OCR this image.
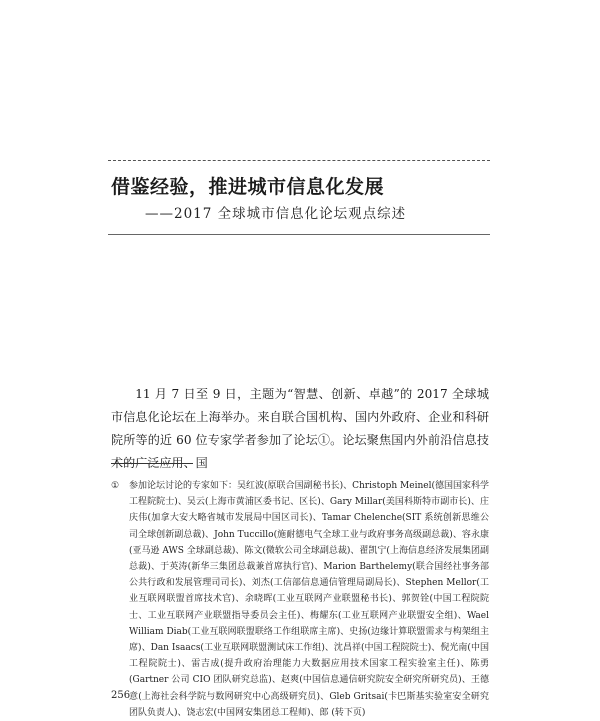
借鉴经验，推进城市信息化发展
——2017 全球城市信息化论坛观点综述

11 月 7 日至 9 日，主题为“智慧、创新、卓越”的 2017 全球城市信息化论坛在上海举办。来自联合国机构、国内外政府、企业和科研院所等的近 60 位专家学者参加了论坛①。论坛聚焦国内外前沿信息技术的广泛应用、国

①	参加论坛讨论的专家如下：吴红波(原联合国副秘书长)、Christoph Meinel(德国国家科学工程院院士)、吴云(上海市黄浦区委书记、区长)、Gary Millar(美国科斯特市副市长)、庄庆伟(加拿大安大略省城市发展局中国区司长)、Tamar Chelenche(SIT 系统创新思维公司全球创新副总裁)、John Tuccillo(施耐德电气全球工业与政府事务高级副总裁)、容永康(亚马逊 AWS 全球副总裁)、陈文(微软公司全球副总裁)、翟凯宁(上海信息经济发展集团副总裁)、于英涛(新华三集团总裁兼首席执行官)、Marion Barthelemy(联合国经社事务部公共行政和发展管理司司长)、刘杰(工信部信息通信管理局副局长)、Stephen Mellor(工业互联网联盟首席技术官)、余晓晖(工业互联网产业联盟秘书长)、郭贺铨(中国工程院院士、工业互联网产业联盟指导委员会主任)、梅耀东(工业互联网产业联盟安全组)、Wael William Diab(工业互联网联盟联络工作组联席主席)、史扬(边缘计算联盟需求与构架组主席)、Dan Isaacs(工业互联网联盟测试床工作组)、沈昌祥(中国工程院院士)、倪光南(中国工程院院士)、雷吉成(提升政府治理能力大数据应用技术国家工程实验室主任)、陈勇(Gartner 公司 CIO 团队研究总监)、赵爽(中国信息通信研究院安全研究所研究员)、王德意(上海社会科学院与数网研究中心高级研究员)、Gleb Gritsai(卡巴斯基实验室安全研究团队负责人)、饶志宏(中国网安集团总工程师)、郎 (转下页)
256
